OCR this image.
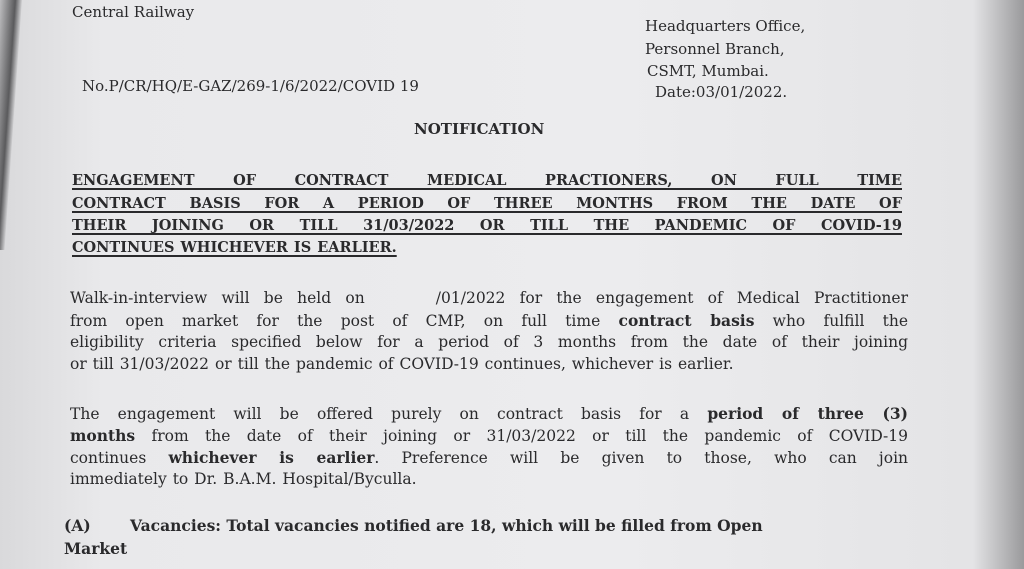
Central Railway
Headquarters Office,
Personnel Branch,
CSMT, Mumbai.
Date:03/01/2022.
No.P/CR/HQ/E-GAZ/269-1/6/2022/COVID 19
NOTIFICATION
ENGAGEMENT OF CONTRACT MEDICAL PRACTIONERS, ON FULL TIME
CONTRACT BASIS FOR A PERIOD OF THREE MONTHS FROM THE DATE OF
THEIR JOINING OR TILL 31/03/2022 OR TILL THE PANDEMIC OF COVID-19
CONTINUES WHICHEVER IS EARLIER.
Walk-in-interview will be held on     /01/2022 for the engagement of Medical Practitioner
from open market for the post of CMP, on full time contract basis who fulfill the
eligibility criteria specified below for a period of 3 months from the date of their joining
or till 31/03/2022 or till the pandemic of COVID-19 continues, whichever is earlier.
The engagement will be offered purely on contract basis for a period of three (3)
months from the date of their joining or 31/03/2022 or till the pandemic of COVID-19
continues whichever is earlier. Preference will be given to those, who can join
immediately to Dr. B.A.M. Hospital/Byculla.
(A)	Vacancies: Total vacancies notified are 18, which will be filled from Open
Market
